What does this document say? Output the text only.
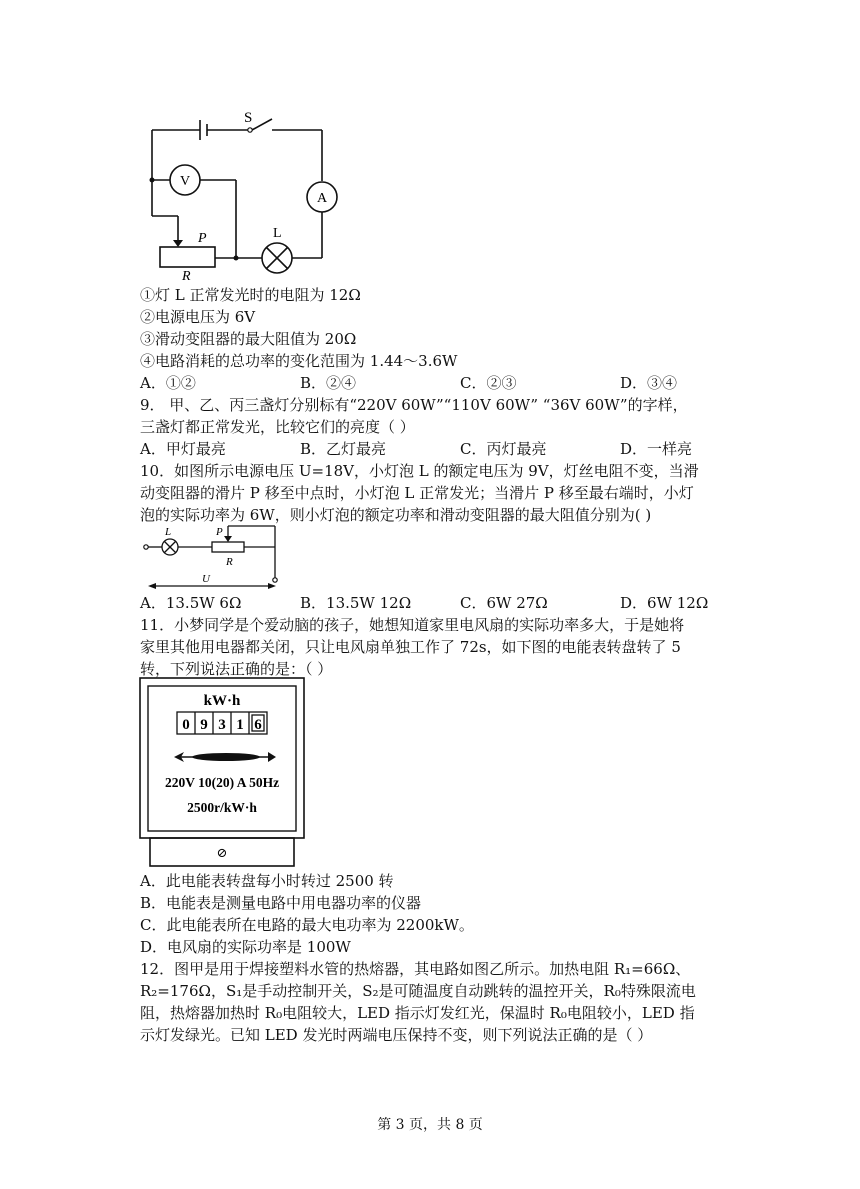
S
V
A
P
R
L
①灯 L 正常发光时的电阻为 12Ω
②电源电压为 6V
③滑动变阻器的最大阻值为 20Ω
④电路消耗的总功率的变化范围为 1.44～3.6W
A．①②	B．②④	C．②③	D．③④
9． 甲、乙、丙三盏灯分别标有“220V 60W”“110V 60W” “36V 60W”的字样，
三盏灯都正常发光，比较它们的亮度（ ）
A．甲灯最亮	B．乙灯最亮	C．丙灯最亮	D．一样亮
10．如图所示电源电压 U=18V，小灯泡 L 的额定电压为 9V，灯丝电阻不变，当滑
动变阻器的滑片 P 移至中点时，小灯泡 L 正常发光；当滑片 P 移至最右端时，小灯
泡的实际功率为 6W，则小灯泡的额定功率和滑动变阻器的最大阻值分别为( )
L	P
R
U
A．13.5W 6Ω	B．13.5W 12Ω	C．6W 27Ω	D．6W 12Ω
11．小梦同学是个爱动脑的孩子，她想知道家里电风扇的实际功率多大，于是她将
家里其他用电器都关闭，只让电风扇单独工作了 72s，如下图的电能表转盘转了 5
转，下列说法正确的是：（ ）
kW·h
0 9 3 1 6
220V 10(20) A 50Hz
2500r/kW·h
⊘
A．此电能表转盘每小时转过 2500 转
B．电能表是测量电路中用电器功率的仪器
C．此电能表所在电路的最大电功率为 2200kW。
D．电风扇的实际功率是 100W
12．图甲是用于焊接塑料水管的热熔器，其电路如图乙所示。加热电阻 R₁=66Ω、
R₂=176Ω，S₁是手动控制开关，S₂是可随温度自动跳转的温控开关，R₀特殊限流电
阻，热熔器加热时 R₀电阻较大，LED 指示灯发红光，保温时 R₀电阻较小，LED 指
示灯发绿光。已知 LED 发光时两端电压保持不变，则下列说法正确的是（ ）
第 3 页，共 8 页
